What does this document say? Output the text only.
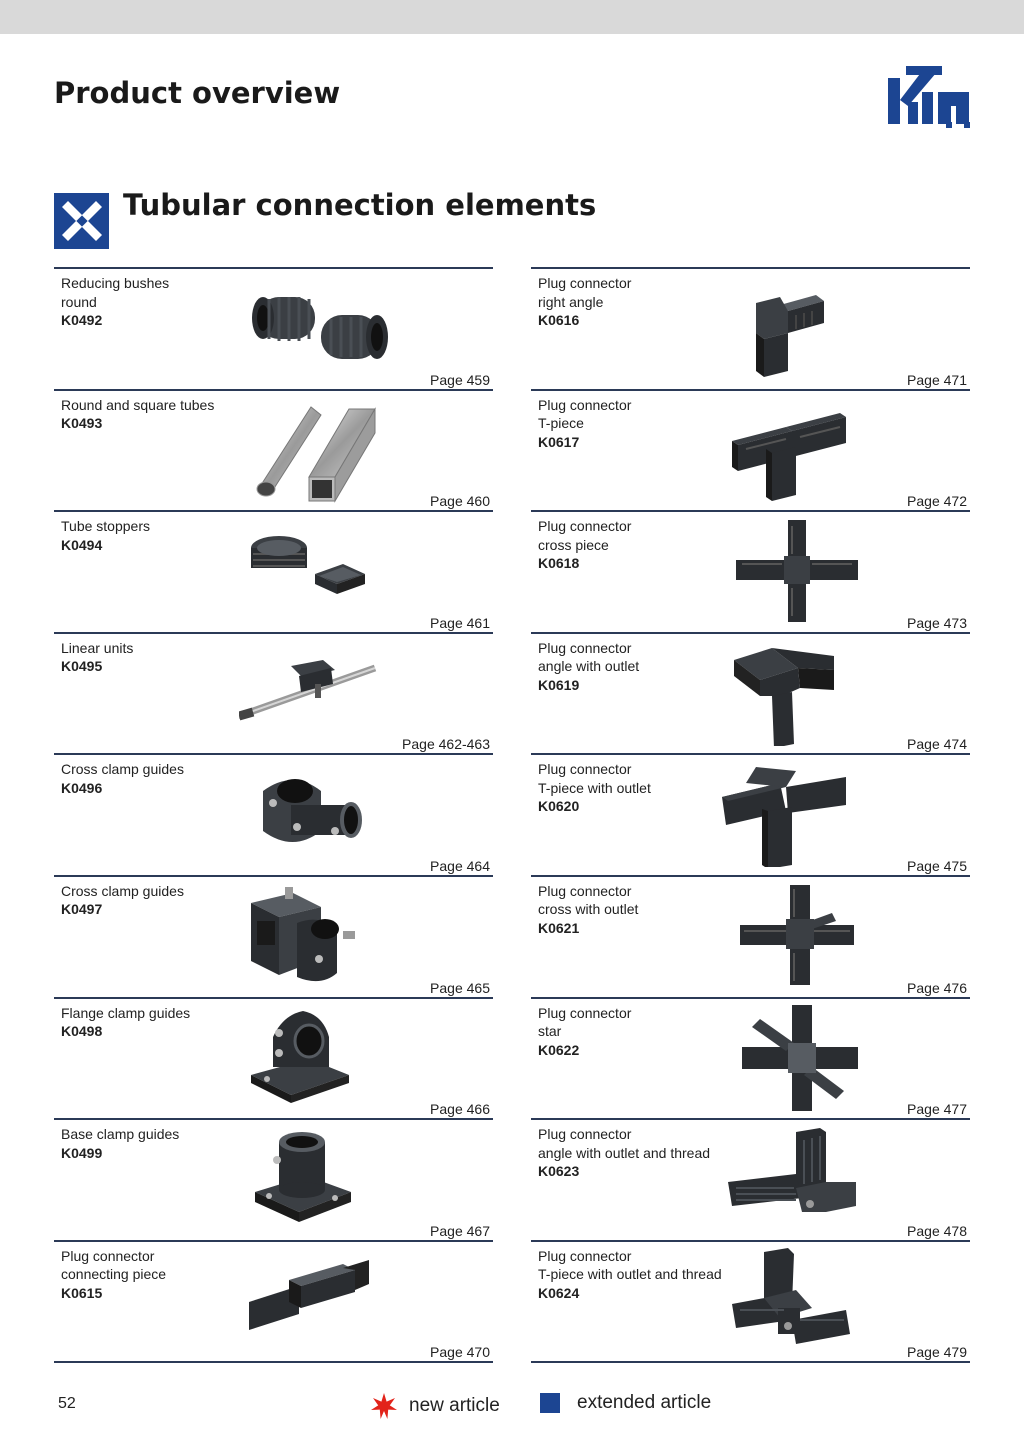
Product overview
Tubular connection elements
Reducing bushes
round
K0492
Page 459
Round and square tubes
K0493
Page 460
Tube stoppers
K0494
Page 461
Linear units
K0495
Page 462-463
Cross clamp guides
K0496
Page 464
Cross clamp guides
K0497
Page 465
Flange clamp guides
K0498
Page 466
Base clamp guides
K0499
Page 467
Plug connector
connecting piece
K0615
Page 470
Plug connector
right angle
K0616
Page 471
Plug connector
T-piece
K0617
Page 472
Plug connector
cross piece
K0618
Page 473
Plug connector
angle with outlet
K0619
Page 474
Plug connector
T-piece with outlet
K0620
Page 475
Plug connector
cross with outlet
K0621
Page 476
Plug connector
star
K0622
Page 477
Plug connector
angle with outlet and thread
K0623
Page 478
Plug connector
T-piece with outlet and thread
K0624
Page 479
52	new article	extended article
